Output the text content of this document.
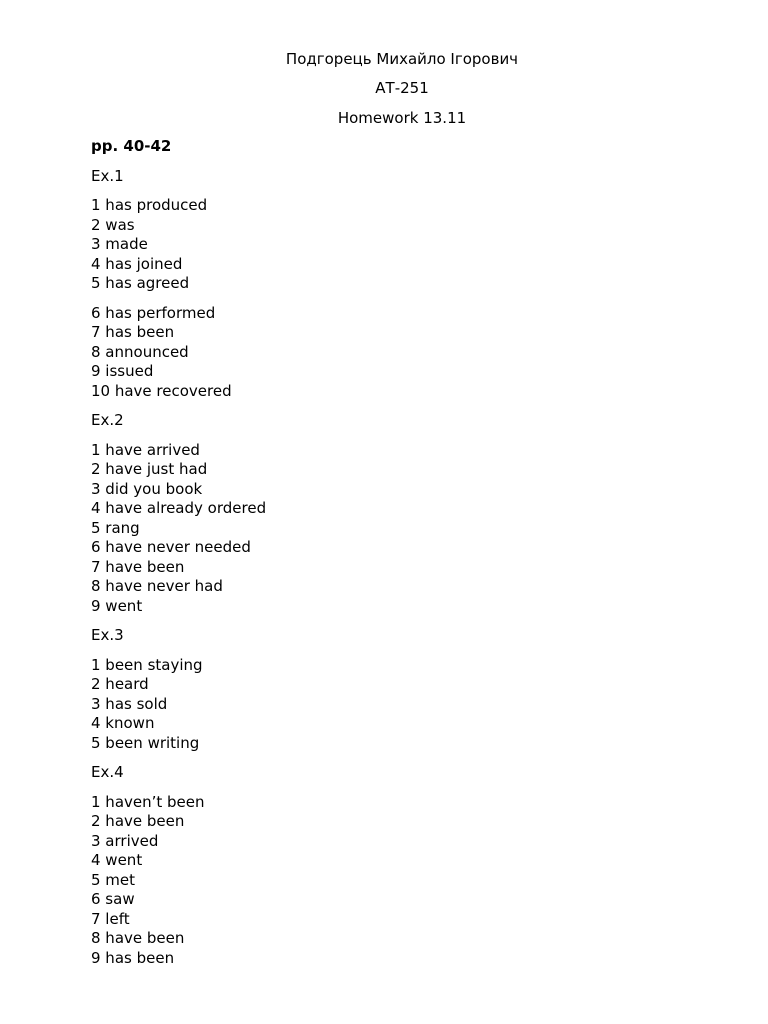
Подгорець Михайло Ігорович
АТ-251
Homework 13.11
pp. 40-42
Ex.1
1 has produced
2 was
3 made
4 has joined
5 has agreed
6 has performed
7 has been
8 announced
9 issued
10 have recovered
Ex.2
1 have arrived
2 have just had
3 did you book
4 have already ordered
5 rang
6 have never needed
7 have been
8 have never had
9 went
Ex.3
1 been staying
2 heard
3 has sold
4 known
5 been writing
Ex.4
1 haven’t been
2 have been
3 arrived
4 went
5 met
6 saw
7 left
8 have been
9 has been
